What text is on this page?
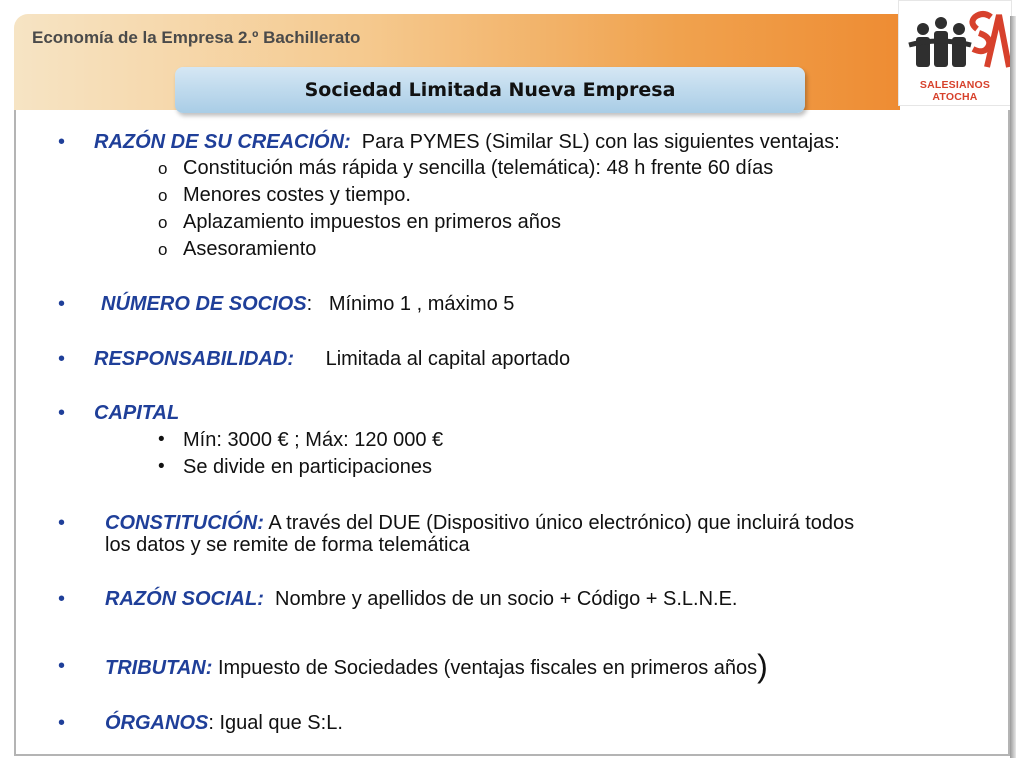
Economía de la Empresa 2.º Bachillerato
Sociedad Limitada Nueva Empresa	SALESIANOS ATOCHA
• RAZÓN DE SU CREACIÓN:  Para PYMES (Similar SL) con las siguientes ventajas:
o Constitución más rápida y sencilla (telemática): 48 h frente 60 días
o Menores costes y tiempo.
o Aplazamiento impuestos en primeros años
o Asesoramiento
• NÚMERO DE SOCIOS:   Mínimo 1 , máximo 5
• RESPONSABILIDAD: Limitada al capital aportado
• CAPITAL
• Mín: 3000 € ; Máx: 120 000 €
• Se divide en participaciones
• CONSTITUCIÓN: A través del DUE (Dispositivo único electrónico) que incluirá todos
los datos y se remite de forma telemática
• RAZÓN SOCIAL:  Nombre y apellidos de un socio + Código + S.L.N.E.
• TRIBUTAN: Impuesto de Sociedades (ventajas fiscales en primeros años)
• ÓRGANOS: Igual que S:L.
